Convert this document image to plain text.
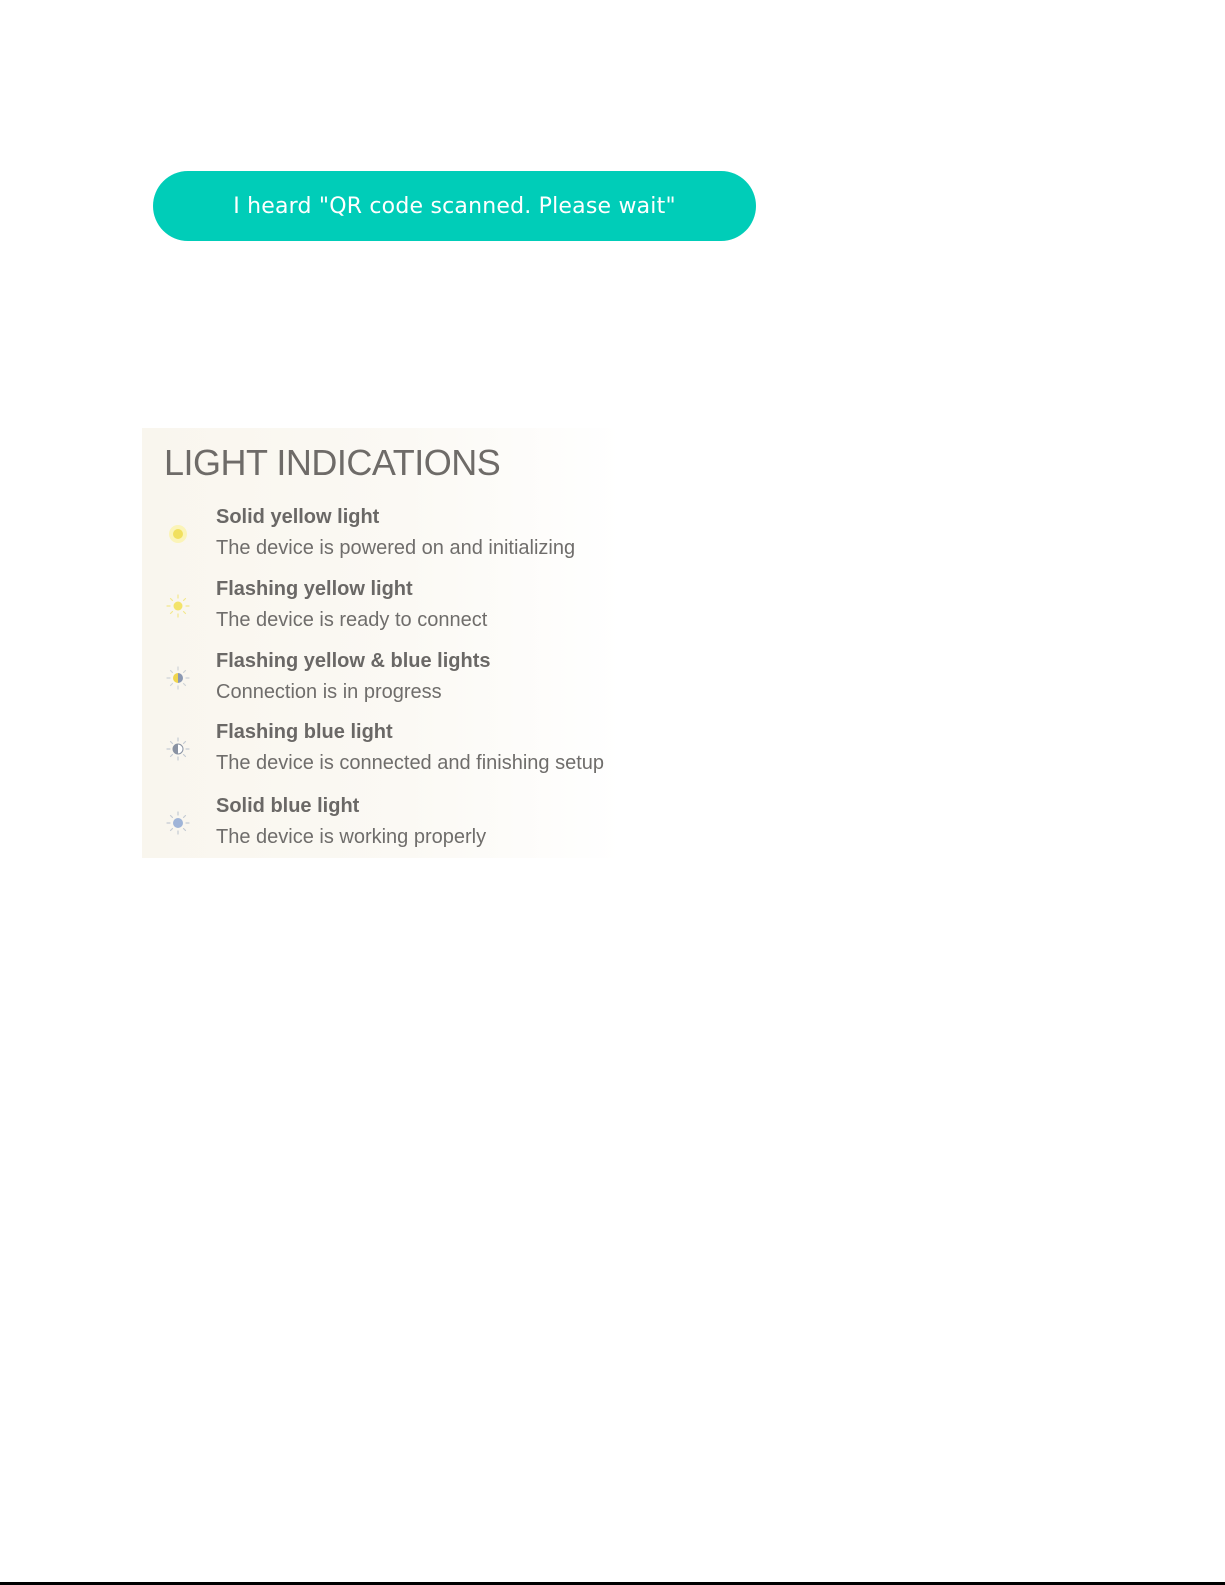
I heard "QR code scanned. Please wait"
LIGHT INDICATIONS
Solid yellow light
The device is powered on and initializing
Flashing yellow light
The device is ready to connect
Flashing yellow & blue lights
Connection is in progress
Flashing blue light
The device is connected and finishing setup
Solid blue light
The device is working properly
